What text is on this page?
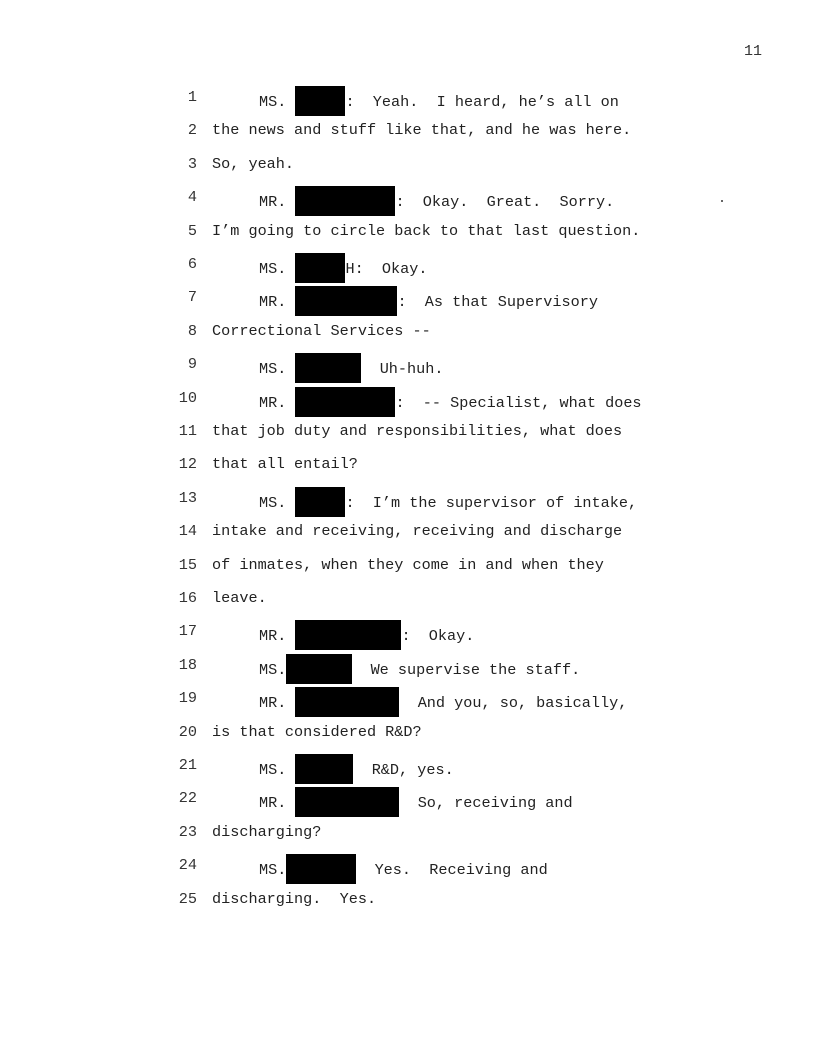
11
1	MS.	:  Yeah.  I heard, he’s all on
2 the news and stuff like that, and he was here.
3 So, yeah.
4	MR.	:  Okay.  Great.  Sorry.
5 I’m going to circle back to that last question.
6	MS.	H:  Okay.
7	MR.	:  As that Supervisory
8 Correctional Services --
9	MS.	Uh-huh.
10	MR.	:  -- Specialist, what does
11 that job duty and responsibilities, what does
12 that all entail?
13	MS.	:  I’m the supervisor of intake,
14 intake and receiving, receiving and discharge
15 of inmates, when they come in and when they
16 leave.
17	MR.	:  Okay.
18	MS.	We supervise the staff.
19	MR.	And you, so, basically,
20 is that considered R&D?
21	MS.	R&D, yes.
22	MR.	So, receiving and
23 discharging?
24	MS.	Yes.  Receiving and
25 discharging.  Yes.
